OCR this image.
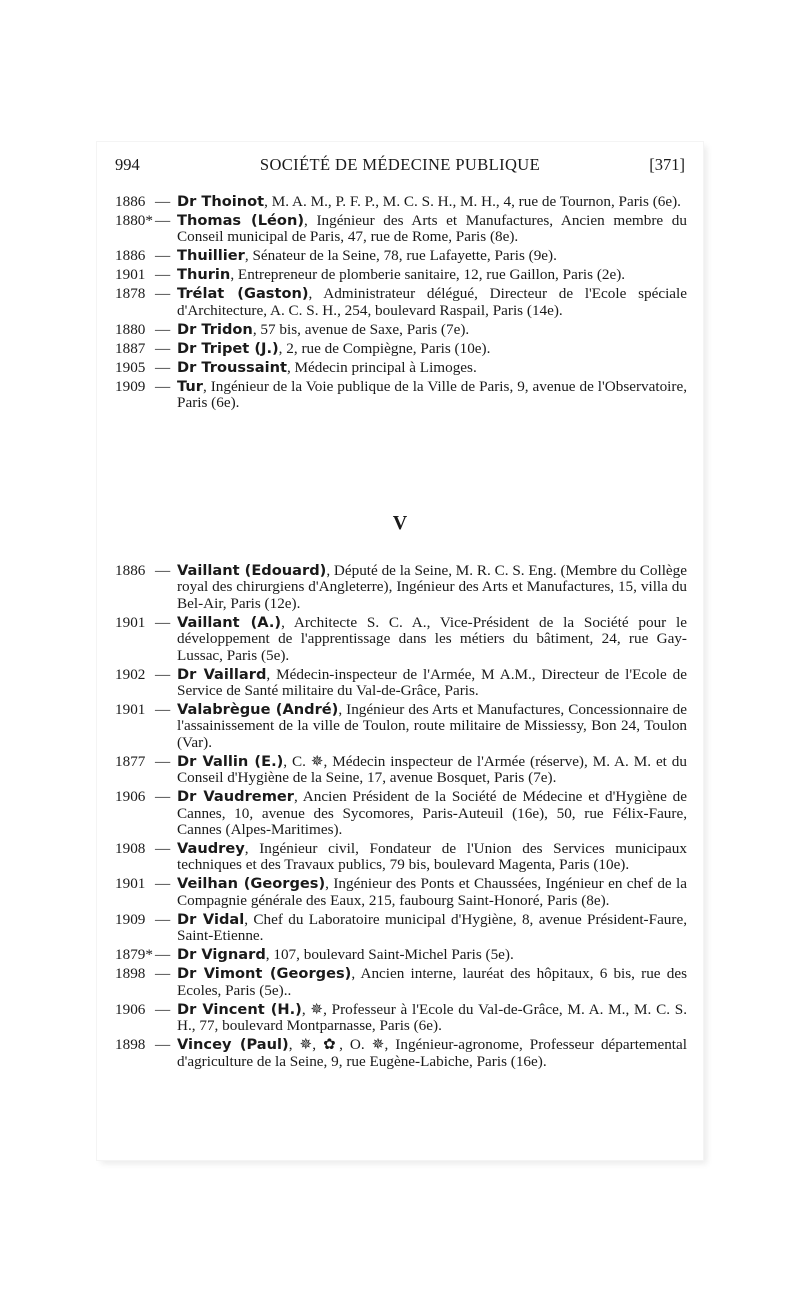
994	SOCIÉTÉ DE MÉDECINE PUBLIQUE	[371]
1886 — Dr Thoinot, M. A. M., P. F. P., M. C. S. H., M. H., 4, rue de Tournon, Paris (6e).
1880* — Thomas (Léon), Ingénieur des Arts et Manufactures, Ancien membre du Conseil municipal de Paris, 47, rue de Rome, Paris (8e).
1886 — Thuillier, Sénateur de la Seine, 78, rue Lafayette, Paris (9e).
1901 — Thurin, Entrepreneur de plomberie sanitaire, 12, rue Gaillon, Paris (2e).
1878 — Trélat (Gaston), Administrateur délégué, Directeur de l'Ecole spéciale d'Architecture, A. C. S. H., 254, boulevard Raspail, Paris (14e).
1880 — Dr Tridon, 57 bis, avenue de Saxe, Paris (7e).
1887 — Dr Tripet (J.), 2, rue de Compiègne, Paris (10e).
1905 — Dr Troussaint, Médecin principal à Limoges.
1909 — Tur, Ingénieur de la Voie publique de la Ville de Paris, 9, avenue de l'Observatoire, Paris (6e).
V
1886 — Vaillant (Edouard), Député de la Seine, M. R. C. S. Eng. (Membre du Collège royal des chirurgiens d'Angleterre), Ingénieur des Arts et Manufactures, 15, villa du Bel-Air, Paris (12e).
1901 — Vaillant (A.), Architecte S. C. A., Vice-Président de la Société pour le développement de l'apprentissage dans les métiers du bâtiment, 24, rue Gay-Lussac, Paris (5e).
1902 — Dr Vaillard, Médecin-inspecteur de l'Armée, M A.M., Directeur de l'Ecole de Service de Santé militaire du Val-de-Grâce, Paris.
1901 — Valabrègue (André), Ingénieur des Arts et Manufactures, Concessionnaire de l'assainissement de la ville de Toulon, route militaire de Missiessy, Bon 24, Toulon (Var).
1877 — Dr Vallin (E.), C. ✵, Médecin inspecteur de l'Armée (réserve), M. A. M. et du Conseil d'Hygiène de la Seine, 17, avenue Bosquet, Paris (7e).
1906 — Dr Vaudremer, Ancien Président de la Société de Médecine et d'Hygiène de Cannes, 10, avenue des Sycomores, Paris-Auteuil (16e), 50, rue Félix-Faure, Cannes (Alpes-Maritimes).
1908 — Vaudrey, Ingénieur civil, Fondateur de l'Union des Services municipaux techniques et des Travaux publics, 79 bis, boulevard Magenta, Paris (10e).
1901 — Veilhan (Georges), Ingénieur des Ponts et Chaussées, Ingénieur en chef de la Compagnie générale des Eaux, 215, faubourg Saint-Honoré, Paris (8e).
1909 — Dr Vidal, Chef du Laboratoire municipal d'Hygiène, 8, avenue Président-Faure, Saint-Etienne.
1879* — Dr Vignard, 107, boulevard Saint-Michel Paris (5e).
1898 — Dr Vimont (Georges), Ancien interne, lauréat des hôpitaux, 6 bis, rue des Ecoles, Paris (5e)..
1906 — Dr Vincent (H.), ✵, Professeur à l'Ecole du Val-de-Grâce, M. A. M., M. C. S. H., 77, boulevard Montparnasse, Paris (6e).
1898 — Vincey (Paul), ✵, ✿, O. ✵, Ingénieur-agronome, Professeur départemental d'agriculture de la Seine, 9, rue Eugène-Labiche, Paris (16e).
